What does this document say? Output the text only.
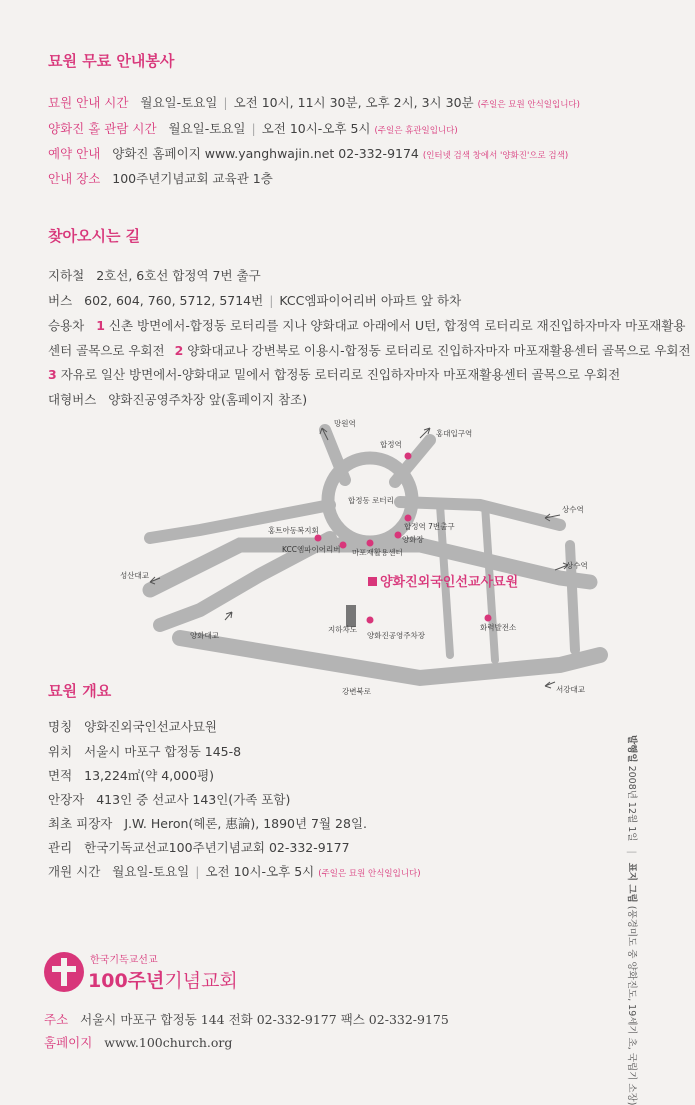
묘원 무료 안내봉사
묘원 안내 시간 월요일-토요일 | 오전 10시, 11시 30분, 오후 2시, 3시 30분 (주일은 묘원 안식일입니다)
양화진 홀 관람 시간 월요일-토요일 | 오전 10시-오후 5시 (주일은 휴관일입니다)
예약 안내 양화진 홈페이지 www.yanghwajin.net 02-332-9174 (인터넷 검색 창에서 '양화진'으로 검색)
안내 장소 100주년기념교회 교육관 1층
찾아오시는 길
지하철 2호선, 6호선 합정역 7번 출구
버스 602, 604, 760, 5712, 5714번 | KCC엠파이어리버 아파트 앞 하차
승용차 1 신촌 방면에서-합정동 로터리를 지나 양화대교 아래에서 U턴, 합정역 로터리로 재진입하자마자 마포재활용
센터 골목으로 우회전 2 양화대교나 강변북로 이용시-합정동 로터리로 진입하자마자 마포재활용센터 골목으로 우회전
3 자유로 일산 방면에서-양화대교 밑에서 합정동 로터리로 진입하자마자 마포재활용센터 골목으로 우회전
대형버스 양화진공영주차장 앞(홈페이지 참조)
망원역
합정역
홍대입구역
합정동 로터리
홍트아동복지회	합정역 7번출구
KCC엠파이어리버
양화장
마포재활용센터
상수역
성산대교
상수역
양화진외국인선교사묘원
지하차도
양화진공영주차장
화력발전소
양화대교
강변북로	서강대교
묘원 개요
명칭 양화진외국인선교사묘원
위치 서울시 마포구 합정동 145-8
면적 13,224㎡(약 4,000평)
안장자 413인 중 선교사 143인(가족 포함)
최초 피장자 J.W. Heron(헤론, 惠論), 1890년 7월 28일.
관리 한국기독교선교100주년기념교회 02-332-9177
개원 시간 월요일-토요일 | 오전 10시-오후 5시 (주일은 묘원 안식일입니다)
한국기독교선교
100주년기념교회
주소 서울시 마포구 합정동 144 전화 02-332-9177 팩스 02-332-9175
홈페이지 www.100church.org
발행일 2008년 12월 1일 | 표지 그림 (풍경미도 중 양화진도, 19세기 초, 국립기 소장)
